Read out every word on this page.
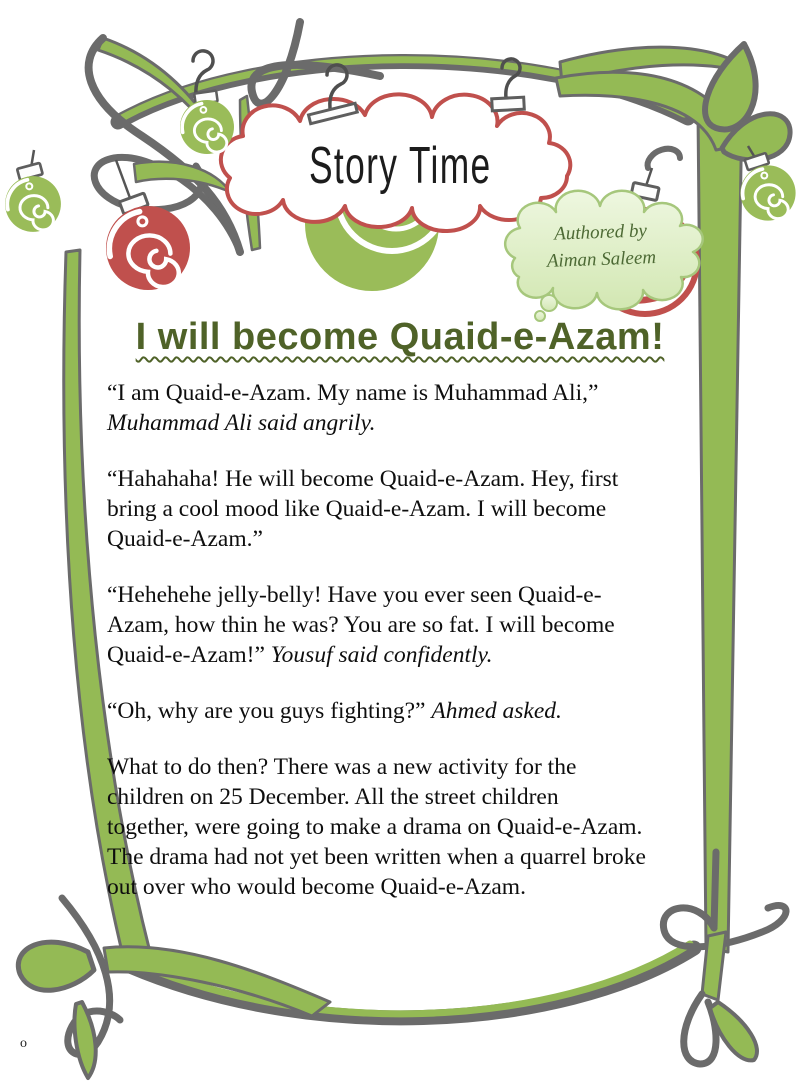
Story Time
Authored by
Aiman Saleem
I will become Quaid-e-Azam!
“I am Quaid-e-Azam. My name is Muhammad Ali,”
Muhammad Ali said angrily.
“Hahahaha! He will become Quaid-e-Azam. Hey, first
bring a cool mood like Quaid-e-Azam. I will become
Quaid-e-Azam.”
“Hehehehe jelly-belly! Have you ever seen Quaid-e-
Azam, how thin he was? You are so fat. I will become
Quaid-e-Azam!” Yousuf said confidently.
“Oh, why are you guys fighting?” Ahmed asked.
What to do then? There was a new activity for the
children on 25 December. All the street children
together, were going to make a drama on Quaid-e-Azam.
The drama had not yet been written when a quarrel broke
out over who would become Quaid-e-Azam.
o
